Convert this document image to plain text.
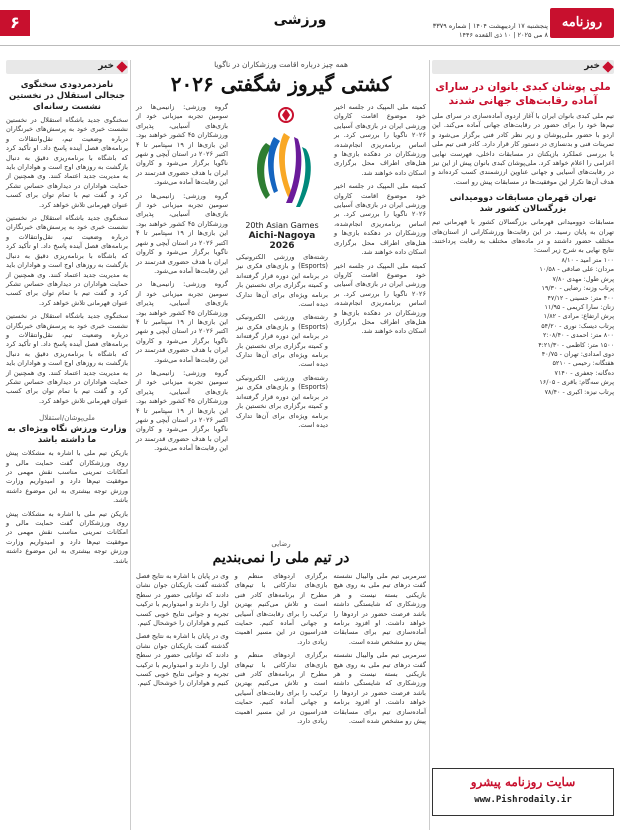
روزنامه پیشرو
پنجشنبه ۱۷ اردیبهشت ۱۴۰۴ | شماره ۳۳۷۹
۸ می ۲۰۲۵ | ۱۰ ذی القعده ۱۴۴۶
ورزشی
۶
خبر
ملی پوشان کبدی بانوان در سارای آماده رقابت‌های جهانی شدند

تیم ملی کبدی بانوان ایران با آغاز اردوی آماده‌سازی در سرای ملی تیم‌ها خود را برای حضور در رقابت‌های جهانی آماده می‌کند. این اردو با حضور ملی‌پوشان و زیر نظر کادر فنی برگزار می‌شود و تمرینات فنی و بدنسازی در دستور کار قرار دارد. کادر فنی تیم ملی با بررسی عملکرد بازیکنان در مسابقات داخلی، فهرست نهایی اعزامی را اعلام خواهد کرد. ملی‌پوشان کبدی بانوان پیش از این نیز در رقابت‌های آسیایی و جهانی عناوین ارزشمندی کسب کرده‌اند و هدف آن‌ها تکرار این موفقیت‌ها در مسابقات پیش رو است.

تهران قهرمان مسابقات دوومیدانی بزرگسالان کشور شد

مسابقات دوومیدانی قهرمانی بزرگسالان کشور با قهرمانی تیم تهران به پایان رسید. در این رقابت‌ها ورزشکارانی از استان‌های مختلف حضور داشتند و در ماده‌های مختلف به رقابت پرداختند. نتایج نهایی به شرح زیر است:

۱۰۰ متر امید - ۸/۱۰

مردان: علی صادقی - ۱۰/۵۸

پرش طول: مهدی ۷/۸۰

پرتاب وزنه: رضایی - ۱۹/۳۰

۴۰۰ متر: حسینی - ۴۷/۱۲

زنان: سارا کریمی - ۱۱/۹۵

پرش ارتفاع: مرادی - ۱/۸۲

پرتاب دیسک: نوری - ۵۴/۲۰

۸۰۰ متر: احمدی - ۲:۰۸/۴۰

۱۵۰۰ متر: کاظمی - ۴:۲۱/۳۰

دوی امدادی: تهران - ۴۰/۷۵

هفتگانه: رحیمی - ۵۲۱۰

ده‌گانه: جعفری - ۷۱۴۰

پرش سه‌گام: باقری - ۱۶/۰۵

پرتاب نیزه: اکبری - ۷۸/۴۰

سایت روزنامه پیشرو
www.Pishrodaily.ir
همه چیز درباره اقامت ورزشکاران در ناگویا
کشتی گیروز شگفتی ۲۰۲۶

کمیته ملی المپیک در جلسه اخیر خود موضوع اقامت کاروان ورزشی ایران در بازی‌های آسیایی ۲۰۲۶ ناگویا را بررسی کرد. بر اساس برنامه‌ریزی انجام‌شده، ورزشکاران در دهکده بازی‌ها و هتل‌های اطراف محل برگزاری اسکان داده خواهند شد.

کمیته ملی المپیک در جلسه اخیر خود موضوع اقامت کاروان ورزشی ایران در بازی‌های آسیایی ۲۰۲۶ ناگویا را بررسی کرد. بر اساس برنامه‌ریزی انجام‌شده، ورزشکاران در دهکده بازی‌ها و هتل‌های اطراف محل برگزاری اسکان داده خواهند شد.

کمیته ملی المپیک در جلسه اخیر خود موضوع اقامت کاروان ورزشی ایران در بازی‌های آسیایی ۲۰۲۶ ناگویا را بررسی کرد. بر اساس برنامه‌ریزی انجام‌شده، ورزشکاران در دهکده بازی‌ها و هتل‌های اطراف محل برگزاری اسکان داده خواهند شد.

20th Asian Games
Aichi-Nagoya 2026

رشته‌های ورزشی الکترونیکی (Esports) و بازی‌های فکری نیز در برنامه این دوره قرار گرفته‌اند و کمیته برگزاری برای نخستین بار برنامه ویژه‌ای برای آن‌ها تدارک دیده است.

رشته‌های ورزشی الکترونیکی (Esports) و بازی‌های فکری نیز در برنامه این دوره قرار گرفته‌اند و کمیته برگزاری برای نخستین بار برنامه ویژه‌ای برای آن‌ها تدارک دیده است.

رشته‌های ورزشی الکترونیکی (Esports) و بازی‌های فکری نیز در برنامه این دوره قرار گرفته‌اند و کمیته برگزاری برای نخستین بار برنامه ویژه‌ای برای آن‌ها تدارک دیده است.

گروه ورزشی: زانیمی‌ها در سومین تجربه میزبانی خود از بازی‌های آسیایی، پذیرای ورزشکاران ۴۵ کشور خواهند بود. این بازی‌ها از ۱۹ سپتامبر تا ۴ اکتبر ۲۰۲۶ در استان آیچی و شهر ناگویا برگزار می‌شود و کاروان ایران با هدف حضوری قدرتمند در این رقابت‌ها آماده می‌شود.

گروه ورزشی: زانیمی‌ها در سومین تجربه میزبانی خود از بازی‌های آسیایی، پذیرای ورزشکاران ۴۵ کشور خواهند بود. این بازی‌ها از ۱۹ سپتامبر تا ۴ اکتبر ۲۰۲۶ در استان آیچی و شهر ناگویا برگزار می‌شود و کاروان ایران با هدف حضوری قدرتمند در این رقابت‌ها آماده می‌شود.

گروه ورزشی: زانیمی‌ها در سومین تجربه میزبانی خود از بازی‌های آسیایی، پذیرای ورزشکاران ۴۵ کشور خواهند بود. این بازی‌ها از ۱۹ سپتامبر تا ۴ اکتبر ۲۰۲۶ در استان آیچی و شهر ناگویا برگزار می‌شود و کاروان ایران با هدف حضوری قدرتمند در این رقابت‌ها آماده می‌شود.

گروه ورزشی: زانیمی‌ها در سومین تجربه میزبانی خود از بازی‌های آسیایی، پذیرای ورزشکاران ۴۵ کشور خواهند بود. این بازی‌ها از ۱۹ سپتامبر تا ۴ اکتبر ۲۰۲۶ در استان آیچی و شهر ناگویا برگزار می‌شود و کاروان ایران با هدف حضوری قدرتمند در این رقابت‌ها آماده می‌شود.

رضایی
در تیم ملی را نمی‌بندیم

سرمربی تیم ملی والیبال نشسته گفت درهای تیم ملی به روی هیچ بازیکنی بسته نیست و هر ورزشکاری که شایستگی داشته باشد فرصت حضور در اردوها را خواهد داشت. او افزود برنامه آماده‌سازی تیم برای مسابقات پیش رو مشخص شده است.

سرمربی تیم ملی والیبال نشسته گفت درهای تیم ملی به روی هیچ بازیکنی بسته نیست و هر ورزشکاری که شایستگی داشته باشد فرصت حضور در اردوها را خواهد داشت. او افزود برنامه آماده‌سازی تیم برای مسابقات پیش رو مشخص شده است.

برگزاری اردوهای منظم و بازی‌های تدارکاتی با تیم‌های مطرح از برنامه‌های کادر فنی است و تلاش می‌کنیم بهترین ترکیب را برای رقابت‌های آسیایی و جهانی آماده کنیم. حمایت فدراسیون در این مسیر اهمیت زیادی دارد.

برگزاری اردوهای منظم و بازی‌های تدارکاتی با تیم‌های مطرح از برنامه‌های کادر فنی است و تلاش می‌کنیم بهترین ترکیب را برای رقابت‌های آسیایی و جهانی آماده کنیم. حمایت فدراسیون در این مسیر اهمیت زیادی دارد.

وی در پایان با اشاره به نتایج فصل گذشته گفت بازیکنان جوان نشان دادند که توانایی حضور در سطح اول را دارند و امیدواریم با ترکیب تجربه و جوانی نتایج خوبی کسب کنیم و هواداران را خوشحال کنیم.

وی در پایان با اشاره به نتایج فصل گذشته گفت بازیکنان جوان نشان دادند که توانایی حضور در سطح اول را دارند و امیدواریم با ترکیب تجربه و جوانی نتایج خوبی کسب کنیم و هواداران را خوشحال کنیم.

خبر
نامزدمردودی سخنگوی جنجالی استقلال در نخستین نشست رسانه‌ای

سخنگوی جدید باشگاه استقلال در نخستین نشست خبری خود به پرسش‌های خبرنگاران درباره وضعیت تیم، نقل‌وانتقالات و برنامه‌های فصل آینده پاسخ داد. او تأکید کرد که باشگاه با برنامه‌ریزی دقیق به دنبال بازگشت به روزهای اوج است و هواداران باید به مدیریت جدید اعتماد کنند. وی همچنین از حمایت هواداران در دیدارهای حساس تشکر کرد و گفت تیم با تمام توان برای کسب عنوان قهرمانی تلاش خواهد کرد.

سخنگوی جدید باشگاه استقلال در نخستین نشست خبری خود به پرسش‌های خبرنگاران درباره وضعیت تیم، نقل‌وانتقالات و برنامه‌های فصل آینده پاسخ داد. او تأکید کرد که باشگاه با برنامه‌ریزی دقیق به دنبال بازگشت به روزهای اوج است و هواداران باید به مدیریت جدید اعتماد کنند. وی همچنین از حمایت هواداران در دیدارهای حساس تشکر کرد و گفت تیم با تمام توان برای کسب عنوان قهرمانی تلاش خواهد کرد.

سخنگوی جدید باشگاه استقلال در نخستین نشست خبری خود به پرسش‌های خبرنگاران درباره وضعیت تیم، نقل‌وانتقالات و برنامه‌های فصل آینده پاسخ داد. او تأکید کرد که باشگاه با برنامه‌ریزی دقیق به دنبال بازگشت به روزهای اوج است و هواداران باید به مدیریت جدید اعتماد کنند. وی همچنین از حمایت هواداران در دیدارهای حساس تشکر کرد و گفت تیم با تمام توان برای کسب عنوان قهرمانی تلاش خواهد کرد.

ملی‌پوشان/استقلال
وزارت ورزش نگاه ویژه‌ای به ما داشته باشد

بازیکن تیم ملی با اشاره به مشکلات پیش روی ورزشکاران گفت حمایت مالی و امکانات تمرینی مناسب نقش مهمی در موفقیت تیم‌ها دارد و امیدواریم وزارت ورزش توجه بیشتری به این موضوع داشته باشد.

بازیکن تیم ملی با اشاره به مشکلات پیش روی ورزشکاران گفت حمایت مالی و امکانات تمرینی مناسب نقش مهمی در موفقیت تیم‌ها دارد و امیدواریم وزارت ورزش توجه بیشتری به این موضوع داشته باشد.
